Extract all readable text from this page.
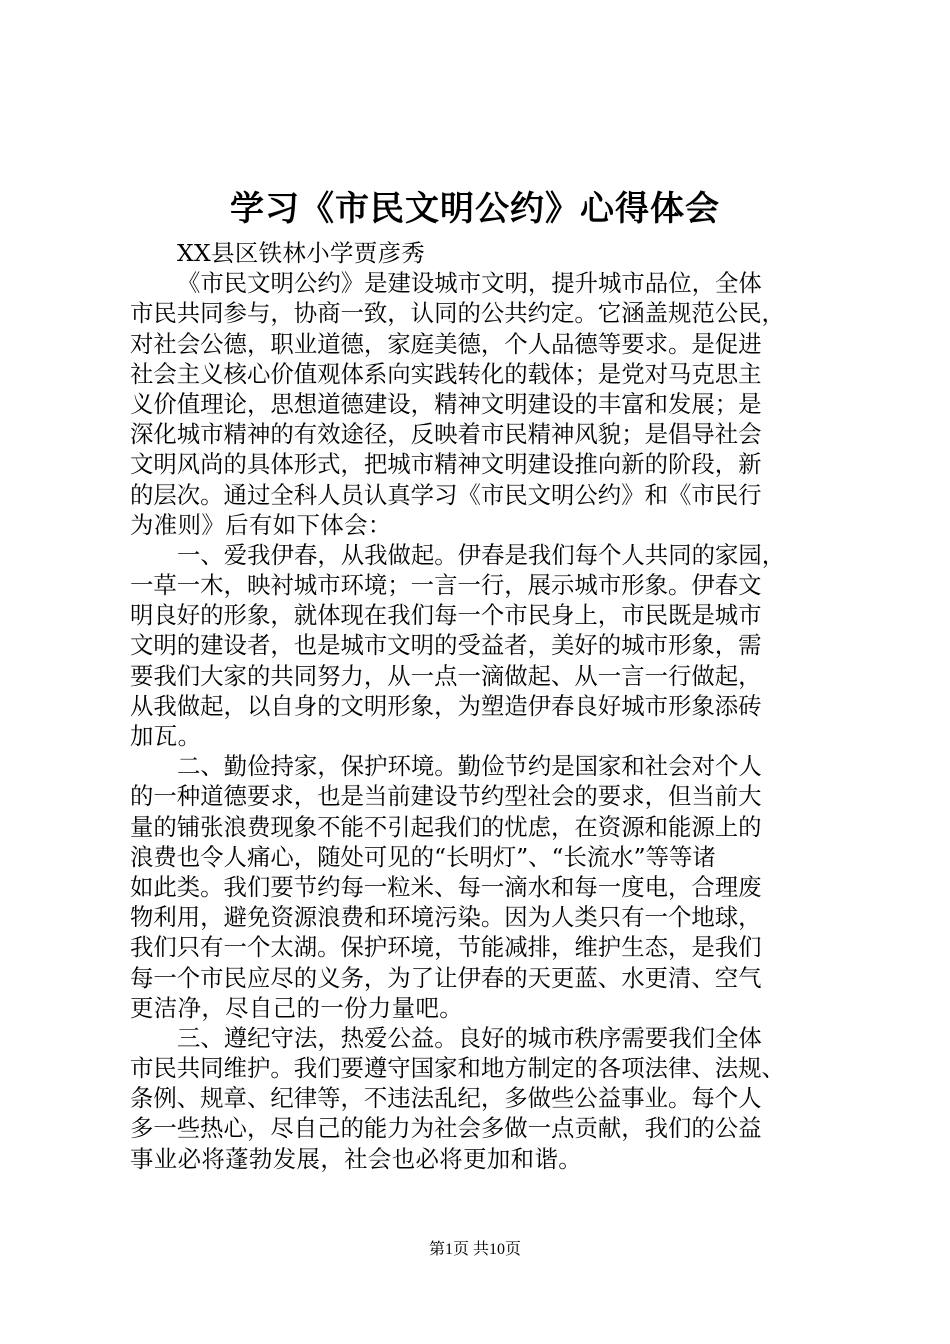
学习《市民文明公约》心得体会
XX县区铁林小学贾彦秀
《市民文明公约》是建设城市文明，提升城市品位，全体
市民共同参与，协商一致，认同的公共约定。它涵盖规范公民，
对社会公德，职业道德，家庭美德，个人品德等要求。是促进
社会主义核心价值观体系向实践转化的载体；是党对马克思主
义价值理论，思想道德建设，精神文明建设的丰富和发展；是
深化城市精神的有效途径，反映着市民精神风貌；是倡导社会
文明风尚的具体形式，把城市精神文明建设推向新的阶段，新
的层次。通过全科人员认真学习《市民文明公约》和《市民行
为准则》后有如下体会：
一、爱我伊春，从我做起。伊春是我们每个人共同的家园，
一草一木，映衬城市环境；一言一行，展示城市形象。伊春文
明良好的形象，就体现在我们每一个市民身上，市民既是城市
文明的建设者，也是城市文明的受益者，美好的城市形象，需
要我们大家的共同努力，从一点一滴做起、从一言一行做起，
从我做起，以自身的文明形象，为塑造伊春良好城市形象添砖
加瓦。
二、勤俭持家，保护环境。勤俭节约是国家和社会对个人
的一种道德要求，也是当前建设节约型社会的要求，但当前大
量的铺张浪费现象不能不引起我们的忧虑，在资源和能源上的
浪费也令人痛心，随处可见的“长明灯”、“长流水”等等诸
如此类。我们要节约每一粒米、每一滴水和每一度电，合理废
物利用，避免资源浪费和环境污染。因为人类只有一个地球，
我们只有一个太湖。保护环境，节能减排，维护生态，是我们
每一个市民应尽的义务，为了让伊春的天更蓝、水更清、空气
更洁净，尽自己的一份力量吧。
三、遵纪守法，热爱公益。良好的城市秩序需要我们全体
市民共同维护。我们要遵守国家和地方制定的各项法律、法规、
条例、规章、纪律等，不违法乱纪，多做些公益事业。每个人
多一些热心，尽自己的能力为社会多做一点贡献，我们的公益
事业必将蓬勃发展，社会也必将更加和谐。
第1页 共10页
